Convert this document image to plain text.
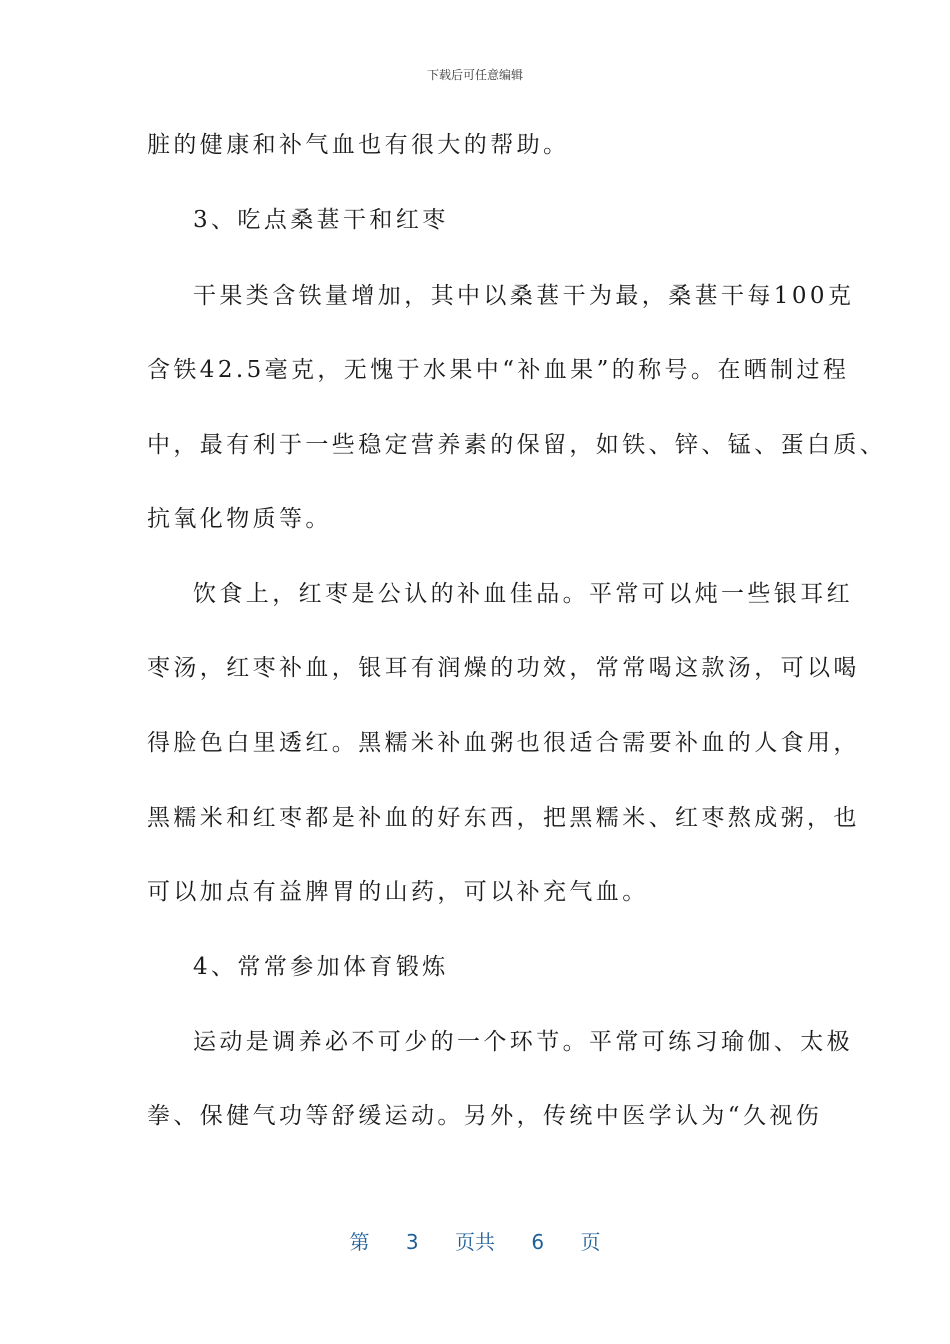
下载后可任意编辑
脏的健康和补气血也有很大的帮助。
3、吃点桑葚干和红枣
干果类含铁量增加，其中以桑葚干为最，桑葚干每100克
含铁42.5毫克，无愧于水果中“补血果”的称号。在晒制过程
中，最有利于一些稳定营养素的保留，如铁、锌、锰、蛋白质、
抗氧化物质等。
饮食上，红枣是公认的补血佳品。平常可以炖一些银耳红
枣汤，红枣补血，银耳有润燥的功效，常常喝这款汤，可以喝
得脸色白里透红。黑糯米补血粥也很适合需要补血的人食用，
黑糯米和红枣都是补血的好东西，把黑糯米、红枣熬成粥，也
可以加点有益脾胃的山药，可以补充气血。
4、常常参加体育锻炼
运动是调养必不可少的一个环节。平常可练习瑜伽、太极
拳、保健气功等舒缓运动。另外，传统中医学认为“久视伤
第 3 页共 6 页
